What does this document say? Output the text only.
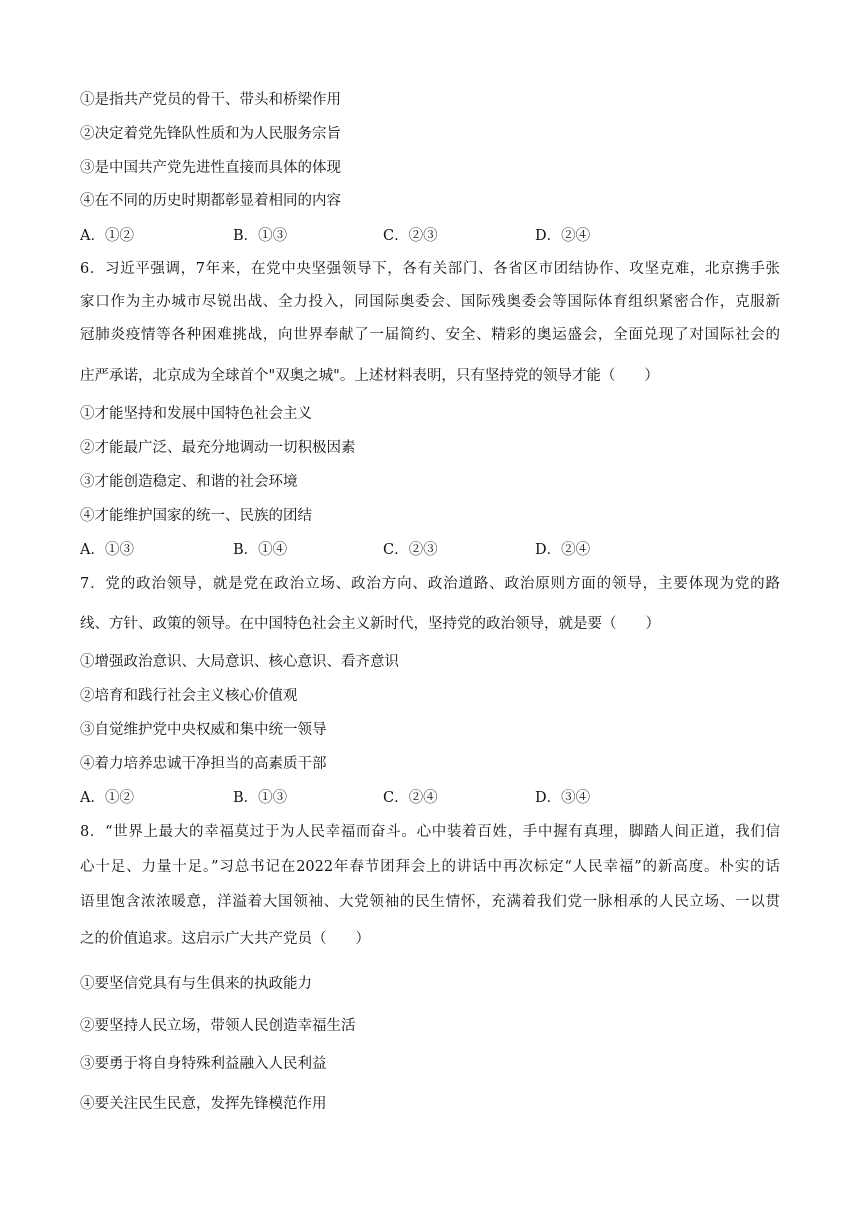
①是指共产党员的骨干、带头和桥梁作用
②决定着党先锋队性质和为人民服务宗旨
③是中国共产党先进性直接而具体的体现
④在不同的历史时期都彰显着相同的内容
A．①②	B．①③	C．②③	D．②④
6．习近平强调，7年来，在党中央坚强领导下，各有关部门、各省区市团结协作、攻坚克难，北京携手张
家口作为主办城市尽锐出战、全力投入，同国际奥委会、国际残奥委会等国际体育组织紧密合作，克服新
冠肺炎疫情等各种困难挑战，向世界奉献了一届简约、安全、精彩的奥运盛会，全面兑现了对国际社会的
庄严承诺，北京成为全球首个"双奥之城"。上述材料表明，只有坚持党的领导才能（　　）
①才能坚持和发展中国特色社会主义
②才能最广泛、最充分地调动一切积极因素
③才能创造稳定、和谐的社会环境
④才能维护国家的统一、民族的团结
A．①③	B．①④	C．②③	D．②④
7．党的政治领导，就是党在政治立场、政治方向、政治道路、政治原则方面的领导，主要体现为党的路
线、方针、政策的领导。在中国特色社会主义新时代，坚持党的政治领导，就是要（　　）
①增强政治意识、大局意识、核心意识、看齐意识
②培育和践行社会主义核心价值观
③自觉维护党中央权威和集中统一领导
④着力培养忠诚干净担当的高素质干部
A．①②	B．①③	C．②④	D．③④
8．“世界上最大的幸福莫过于为人民幸福而奋斗。心中装着百姓，手中握有真理，脚踏人间正道，我们信
心十足、力量十足。”习总书记在2022年春节团拜会上的讲话中再次标定“人民幸福”的新高度。朴实的话
语里饱含浓浓暖意，洋溢着大国领袖、大党领袖的民生情怀，充满着我们党一脉相承的人民立场、一以贯
之的价值追求。这启示广大共产党员（　　）
①要坚信党具有与生俱来的执政能力
②要坚持人民立场，带领人民创造幸福生活
③要勇于将自身特殊利益融入人民利益
④要关注民生民意，发挥先锋模范作用
